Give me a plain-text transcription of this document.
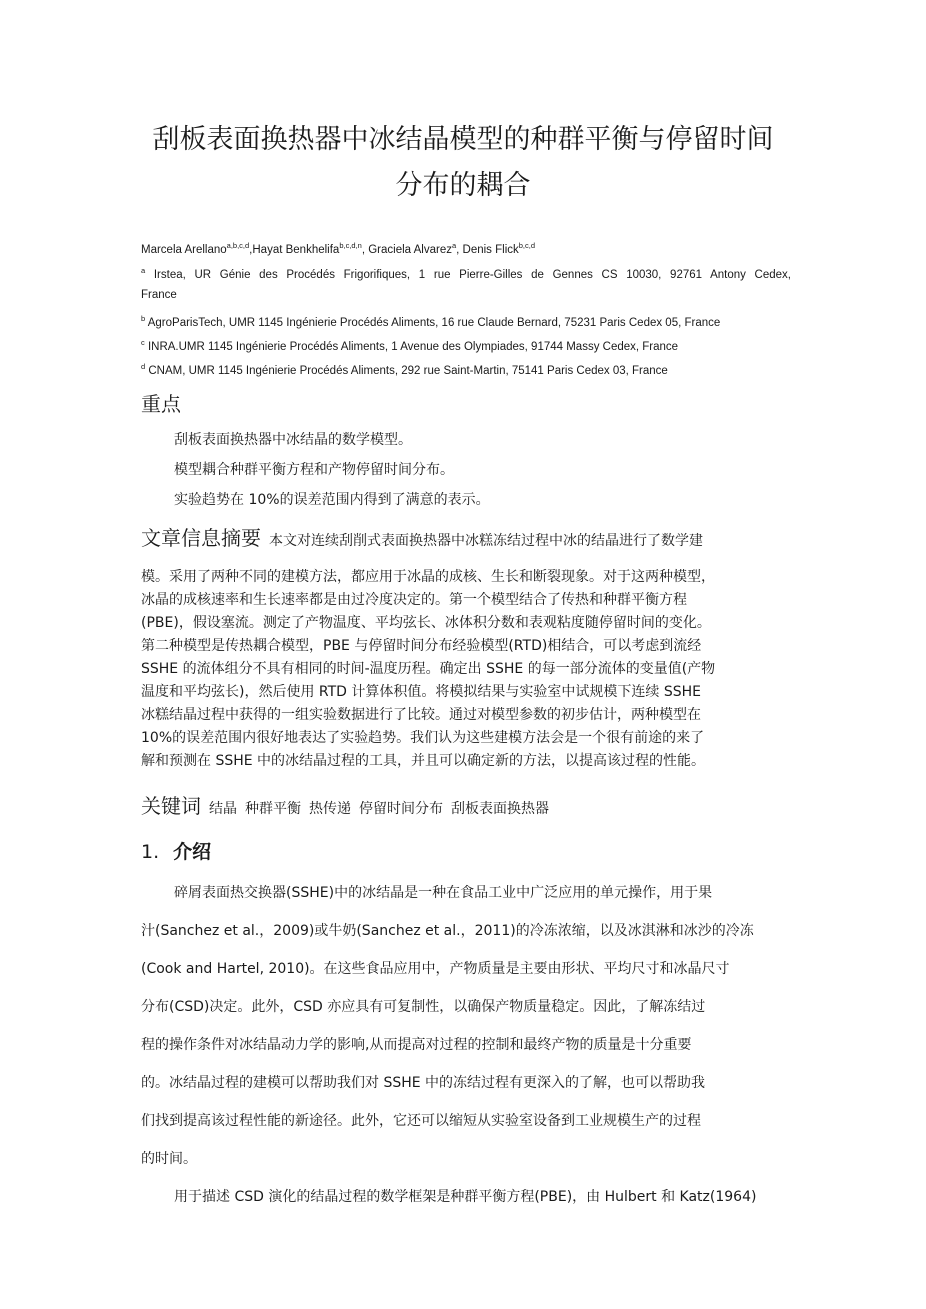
刮板表面换热器中冰结晶模型的种群平衡与停留时间
分布的耦合
Marcela Arellano$^{a,b,c,d}$,Hayat Benkhelifa$^{b,c,d,n}$, Graciela Alvarez$^a$, Denis Flick$^{b,c,d}$
$^a$ Irstea, UR Génie des Procédés Frigorifiques, 1 rue Pierre-Gilles de Gennes CS 10030, 92761 Antony Cedex,
France
$^b$ AgroParisTech, UMR 1145 Ingénierie Procédés Aliments, 16 rue Claude Bernard, 75231 Paris Cedex 05, France
$^c$ INRA.UMR 1145 Ingénierie Procédés Aliments, 1 Avenue des Olympiades, 91744 Massy Cedex, France
$^d$ CNAM, UMR 1145 Ingénierie Procédés Aliments, 292 rue Saint-Martin, 75141 Paris Cedex 03, France
重点
刮板表面换热器中冰结晶的数学模型。
模型耦合种群平衡方程和产物停留时间分布。
实验趋势在 10%的误差范围内得到了满意的表示。
文章信息摘要 本文对连续刮削式表面换热器中冰糕冻结过程中冰的结晶进行了数学建
模。采用了两种不同的建模方法，都应用于冰晶的成核、生长和断裂现象。对于这两种模型，
冰晶的成核速率和生长速率都是由过冷度决定的。第一个模型结合了传热和种群平衡方程
(PBE)，假设塞流。测定了产物温度、平均弦长、冰体积分数和表观粘度随停留时间的变化。
第二种模型是传热耦合模型，PBE 与停留时间分布经验模型(RTD)相结合，可以考虑到流经
SSHE 的流体组分不具有相同的时间-温度历程。确定出 SSHE 的每一部分流体的变量值(产物
温度和平均弦长)，然后使用 RTD 计算体积值。将模拟结果与实验室中试规模下连续 SSHE
冰糕结晶过程中获得的一组实验数据进行了比较。通过对模型参数的初步估计，两种模型在
10%的误差范围内很好地表达了实验趋势。我们认为这些建模方法会是一个很有前途的来了
解和预测在 SSHE 中的冰结晶过程的工具，并且可以确定新的方法，以提高该过程的性能。
关键词 结晶 种群平衡 热传递 停留时间分布 刮板表面换热器
1. 介绍
碎屑表面热交换器(SSHE)中的冰结晶是一种在食品工业中广泛应用的单元操作，用于果
汁(Sanchez et al.，2009)或牛奶(Sanchez et al.，2011)的冷冻浓缩，以及冰淇淋和冰沙的冷冻
(Cook and Hartel, 2010)。在这些食品应用中，产物质量是主要由形状、平均尺寸和冰晶尺寸
分布(CSD)决定。此外，CSD 亦应具有可复制性，以确保产物质量稳定。因此，了解冻结过
程的操作条件对冰结晶动力学的影响,从而提高对过程的控制和最终产物的质量是十分重要
的。冰结晶过程的建模可以帮助我们对 SSHE 中的冻结过程有更深入的了解，也可以帮助我
们找到提高该过程性能的新途径。此外，它还可以缩短从实验室设备到工业规模生产的过程
的时间。
用于描述 CSD 演化的结晶过程的数学框架是种群平衡方程(PBE)，由 Hulbert 和 Katz(1964)
